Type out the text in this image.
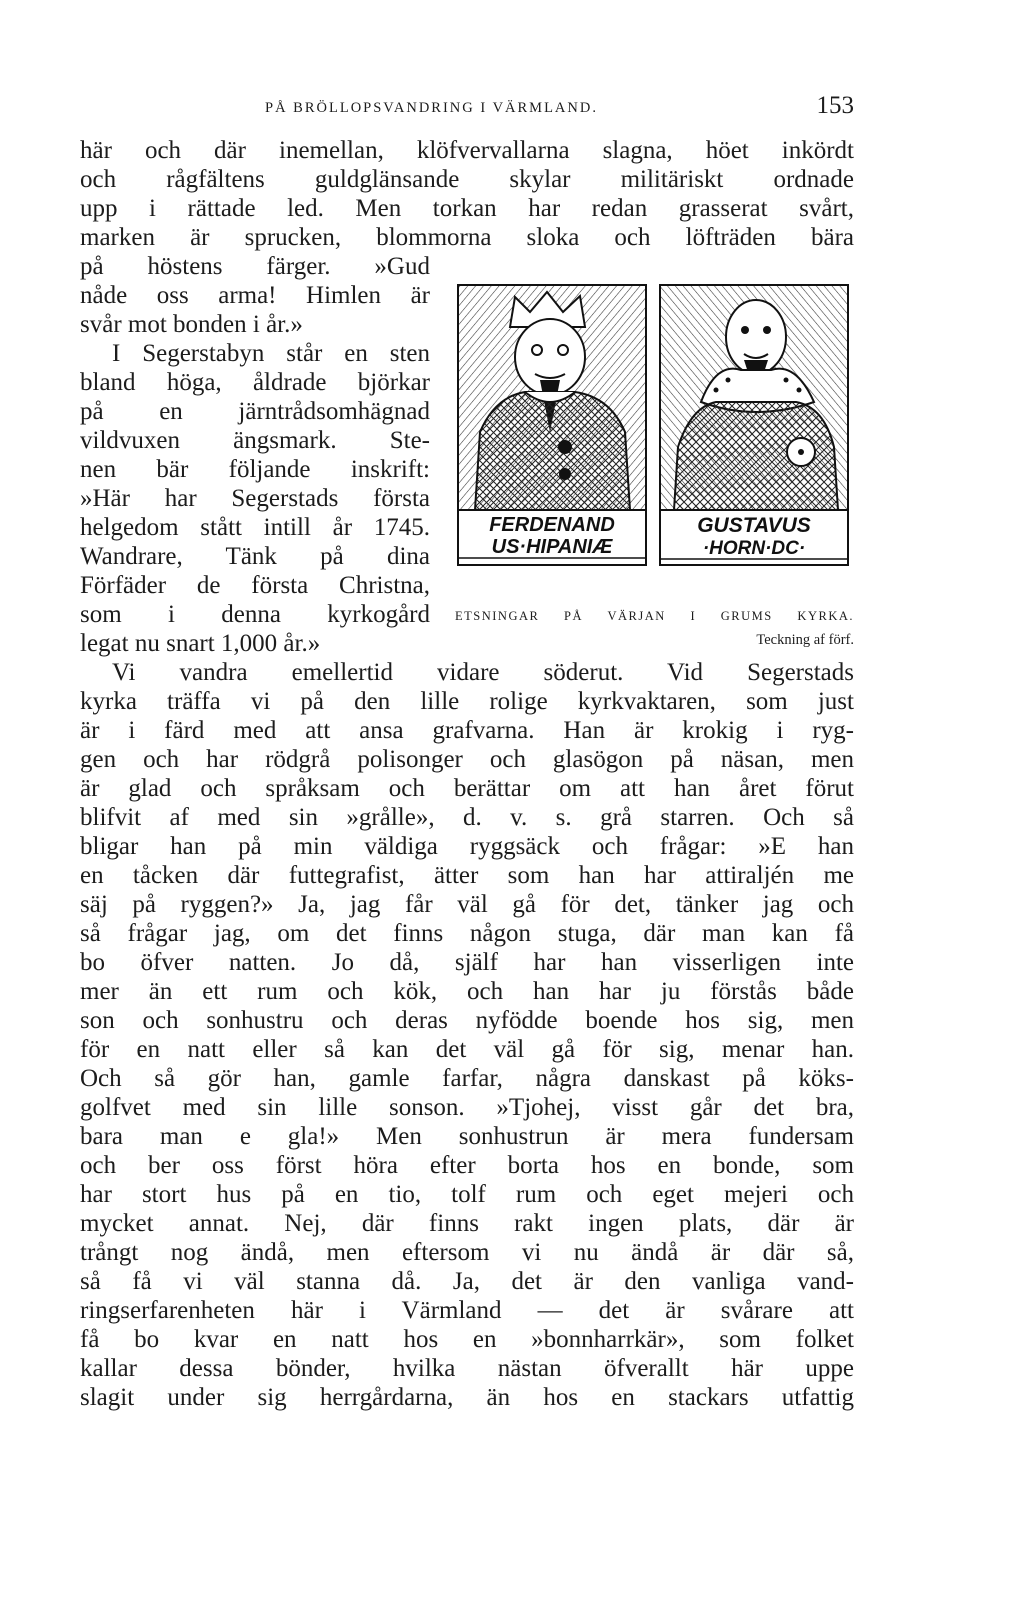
PÅ BRÖLLOPSVANDRING I VÄRMLAND.	153
här och där inemellan, klöfvervallarna slagna, höet inkördt
och rågfältens guldglänsande skylar militäriskt ordnade
upp i rättade led. Men torkan har redan grasserat svårt,
marken är sprucken, blommorna sloka och löfträden bära
på höstens färger. »Gud
nåde oss arma! Himlen är
svår mot bonden i år.»
I Segerstabyn står en sten
bland höga, åldrade björkar
på en järntrådsomhägnad
vildvuxen ängsmark. Ste-
nen bär följande inskrift:
»Här har Segerstads första
helgedom stått intill år 1745.
Wandrare, Tänk på dina
Förfäder de första Christna,
som i denna kyrkogård
legat nu snart 1,000 år.»
Vi vandra emellertid vidare söderut. Vid Segerstads
kyrka träffa vi på den lille rolige kyrkvaktaren, som just
är i färd med att ansa grafvarna. Han är krokig i ryg-
gen och har rödgrå polisonger och glasögon på näsan, men
är glad och språksam och berättar om att han året förut
blifvit af med sin »grålle», d. v. s. grå starren. Och så
bligar han på min väldiga ryggsäck och frågar: »E han
en tåcken där futtegrafist, ätter som han har attiraljén me
säj på ryggen?» Ja, jag får väl gå för det, tänker jag och
så frågar jag, om det finns någon stuga, där man kan få
bo öfver natten. Jo då, själf har han visserligen inte
mer än ett rum och kök, och han har ju förstås både
son och sonhustru och deras nyfödde boende hos sig, men
för en natt eller så kan det väl gå för sig, menar han.
Och så gör han, gamle farfar, några danskast på köks-
golfvet med sin lille sonson. »Tjohej, visst går det bra,
bara man e gla!» Men sonhustrun är mera fundersam
och ber oss först höra efter borta hos en bonde, som
har stort hus på en tio, tolf rum och eget mejeri och
mycket annat. Nej, där finns rakt ingen plats, där är
trångt nog ändå, men eftersom vi nu ändå är där så,
så få vi väl stanna då. Ja, det är den vanliga vand-
ringserfarenheten här i Värmland — det är svårare att
få bo kvar en natt hos en »bonnharrkär», som folket
kallar dessa bönder, hvilka nästan öfverallt här uppe
slagit under sig herrgårdarna, än hos en stackars utfattig
FERDENAND
US·HIPANIÆ
GUSTAVUS
·HORN·DC·
ETSNINGAR PÅ VÄRJAN I GRUMS KYRKA.
Teckning af förf.
